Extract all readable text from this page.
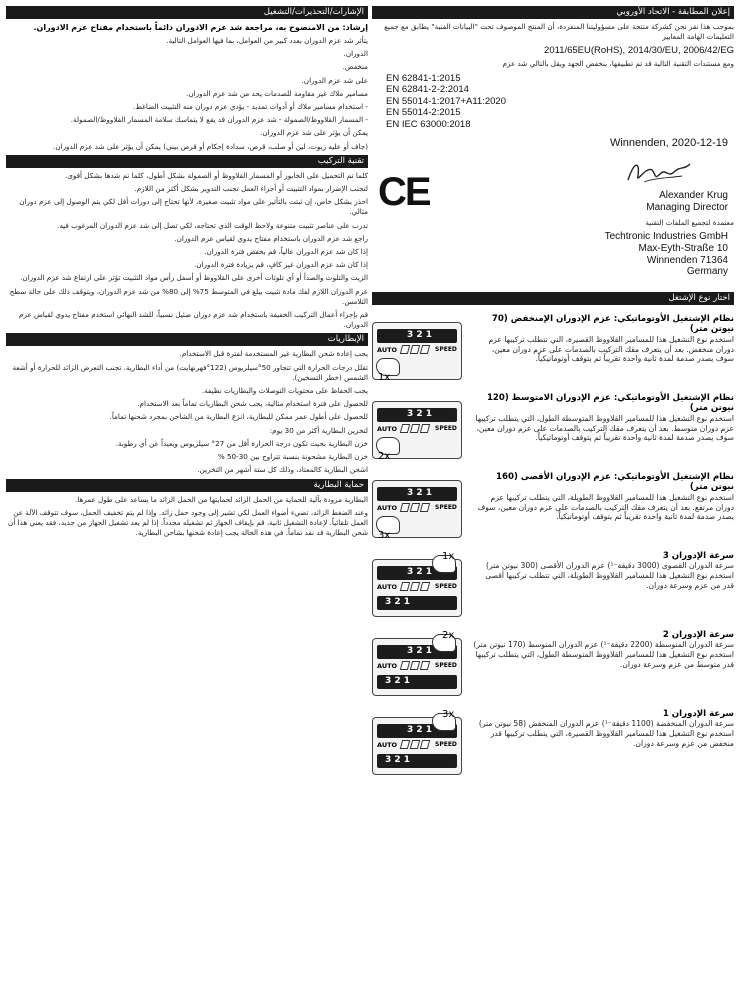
الإشارات/التحذيرات/التشغيل
إرشاد: من الامنصوح به، مراجعة شد عزم الادوران دائماً باستخدام مفتاح عزم الادوران.
يتأثر شد عزم الدوران بعدد كبير من العوامل، بما فيها العوامل التالية.
الدوران.
منخفض.
على شد عزم الدوران.
مسامير ملاك غير مقاومة للصدمات يحد من شد عزم الدوران.
- استخدام مسامير ملاك أو أدوات تمديد - يؤدي عزم دوران منه التثبيت الضاغط.
- المسمار القلاووظ/الصمولة - شد عزم الدوران قد يقع لا يتماسك سلامة المسمار القلاووظ/الصمولة.
يمكن أن يؤثر على شد عزم الدوران.
(جاف أو عليه زيوت، لين أو صلب، قرص، سدادة إحكام أو قرص بيني) يمكن أن يؤثر على شد عزم الدوران.
تقنية التركيب
كلما تم التحميل على الخابور أو المسمار القلاووظ أو الصمولة بشكل أطول، كلما تم شدها بشكل أقوى.
لتجنب الإضرار بمواد التثبيت أو أجزاء العمل تجنب التدوير بشكل أكثر من اللازم.
احذر بشكل خاص، إن ثبتت بالتأثير على مواد تثبيت صغيرة، لأنها تحتاج إلى دورات أقل لكي يتم الوصول إلى عزم دوران مثالي.
تدرب على عناصر تثبيت متنوعة ولاحظ الوقت الذي تحتاجه، لكي تصل إلى شد عزم الدوران المرغوب فيه.
راجع شد عزم الدوران باستخدام مفتاح يدوي لقياس عزم الدوران.
إذا كان شد عزم الدوران عالياً، قم بخفض فترة الدوران.
إذا كان شد عزم الدوران غير كافٍ، قم بزيادة فترة الدوران.
الزيت والتلوث والصدأ أو أي تلوثات أخرى على القلاووظ أو أسفل رأس مواد التثبيت تؤثر على ارتفاع شد عزم الدوران.
عزم الدوران اللازم لفك مادة تثبيت يبلغ في المتوسط 75% إلى 80% من شد عزم الدوران، ويتوقف ذلك على حالة سطح التلامس.
قم بإجراء أعمال التركيب الخفيفة باستخدام شد عزم دوران ضئيل نسبياً، للشد النهائي استخدم مفتاح يدوي لقياس عزم الدوران.
الإبطاريات
يجب إعادة شحن البطارية غير المستخدمة لفترة قبل الاستخدام.
تقلل درجات الحرارة التي تتجاوز 50°سيلزيوس (122°فهرنهايت) من أداء البطارية. تجنب التعرض الزائد للحرارة أو أشعة الشمس (خطر التسخين).
يجب الحفاظ على محتويات التوصلات والبطاريات نظيفة.
للحصول على فترة استخدام مثالية، يجب شحن البطاريات تماماً بعد الاستخدام.
للحصول على أطول عمر ممكن للبطارية، انزع البطارية من الشاحن بمجرد شحنها تماماً.
لتخزين البطارية أكثر من 30 يوم:
خزن البطارية بحيث تكون درجة الحرارة أقل من 27° سيلزيوس وبعيداً عن أي رطوبة.
خزن البطارية مشحونة بنسبة تتراوح بين 30-50 %
اشحن البطارية كالمعتاد، وذلك كل ستة أشهر من التخزين.
حماية البطارية
البطارية مزودة بآلية للحماية من الحمل الزائد لحمايتها من الحمل الزائد ما يساعد على طول عمرها.
وعند الضغط الزائد، تضيء أضواء العمل لكي تشير إلى وجود حمل زائد. وإذا لم يتم تخفيف الحمل، سوف تتوقف الآلة عن العمل تلقائياً. لإعادة التشغيل ثانية، قم بإيقاف الجهاز ثم تشغيله مجدداً. إذا لم يعد تشغيل الجهاز من جديد، فقد يعني هذا أن شحن البطارية قد نفد تماماً. في هذه الحالة يجب إعادة شحنها بشاحن البطارية.
إعلان المطابقة - الاتحاد الأوروبي
بموجب هذا نقر نحن كشركة منتجة على مسؤوليتنا المنفردة، أن المنتج الموصوف تحت "البيانات الفنية" يطابق مع جميع التعليمات الهامة المعايير
2011/65EU(RoHS), 2014/30/EU, 2006/42/EG
ومع مستندات التقنية التالية قد تم تطبيقها، ينخفض الجهد ويقل بالتالي شد عزم
EN 62841-1:2015
EN 62841-2-2:2014
EN 55014-1:2017+A11:2020
EN 55014-2:2015
EN IEC 63000:2018
Winnenden, 2020-12-19
CE	Alexander Krug
Managing Director
معتمدة لتجميع الملفات التقنية
Techtronic Industries GmbH
Max-Eyth-Straße 10
Winnenden 71364
Germany
اختار نوع الإشتغل
3 2 1
AUTO	SPEED
1x
نظام الإشتغيل الأوتوماتيكي: عزم الإدوران الإمنخفض (70 نيوتن متر)
استخدم نوع التشغيل هذا للمسامير القلاووظ القصيرة، التي تتطلب تركيبها عزم دوران منخفض. بعد أن يتعرف مقك التركيب بالصدمات على عزم دوران معين، سوف يصدر صدمة لمدة ثانية واحدة تقريباً ثم يتوقف أوتوماتيكياً.
3 2 1
AUTO	SPEED
2x
نظام الإشتغيل الأوتوماتيكي: عزم الإدوران الامتوسط (120 نيوتن متر)
استخدم نوع التشغيل هذا للمسامير القلاووظ المتوسطة الطول، التي يتطلب تركيبها عزم دوران متوسط. بعد أن يتعرف مقك التركيب بالصدمات على عزم دوران معين، سوف يصدر صدمة لمدة ثانية واحدة تقريباً ثم يتوقف أوتوماتيكياً.
3 2 1
AUTO	SPEED
3x
نظام الإشتغيل الأوتوماتيكي: عزم الإدوران الأقصى (160 نيوتن متر)
استخدم نوع التشغيل هذا للمسامير القلاووظ الطويلة، التي يتطلب تركيبها عزم دوران مرتفع. بعد أن يتعرف مقك التركيب بالصدمات على عزم دوران معين، سوف يصدر صدمة لمدة ثانية واحدة تقريباً ثم يتوقف أوتوماتيكياً.
3 2 1
AUTO	SPEED
3 2 1
1x	سرعة الإدوران 3
سرعة الدوران القصوى (3000 دقيقة⁻¹) عزم الدوران الأقصى (300 نيوتن متر) استخدم نوع التشغيل هذا للمسامير القلاووظ الطويلة، التي تتطلب تركيبها أقصى قدر من عزم وسرعة دوران.
3 2 1
AUTO	SPEED
3 2 1
2x	سرعة الإدوران 2
سرعة الدوران المتوسطة (2200 دقيقة⁻¹) عزم الدوران المتوسط (170 نيوتن متر) استخدم نوع التشغيل هذا للمسامير القلاووظ المتوسطة الطول، التي يتطلب تركيبها قدر متوسط من عزم وسرعة دوران.
3 2 1
AUTO	SPEED
3 2 1
3x	سرعة الإدوران 1
سرعة الدوران المنخفضة (1100 دقيقة⁻¹) عزم الدوران المنخفض (58 نيوتن متر) استخدم نوع التشغيل هذا للمسامير القلاووظ القصيرة، التي يتطلب تركيبها قدر منخفض من عزم وسرعة دوران.
